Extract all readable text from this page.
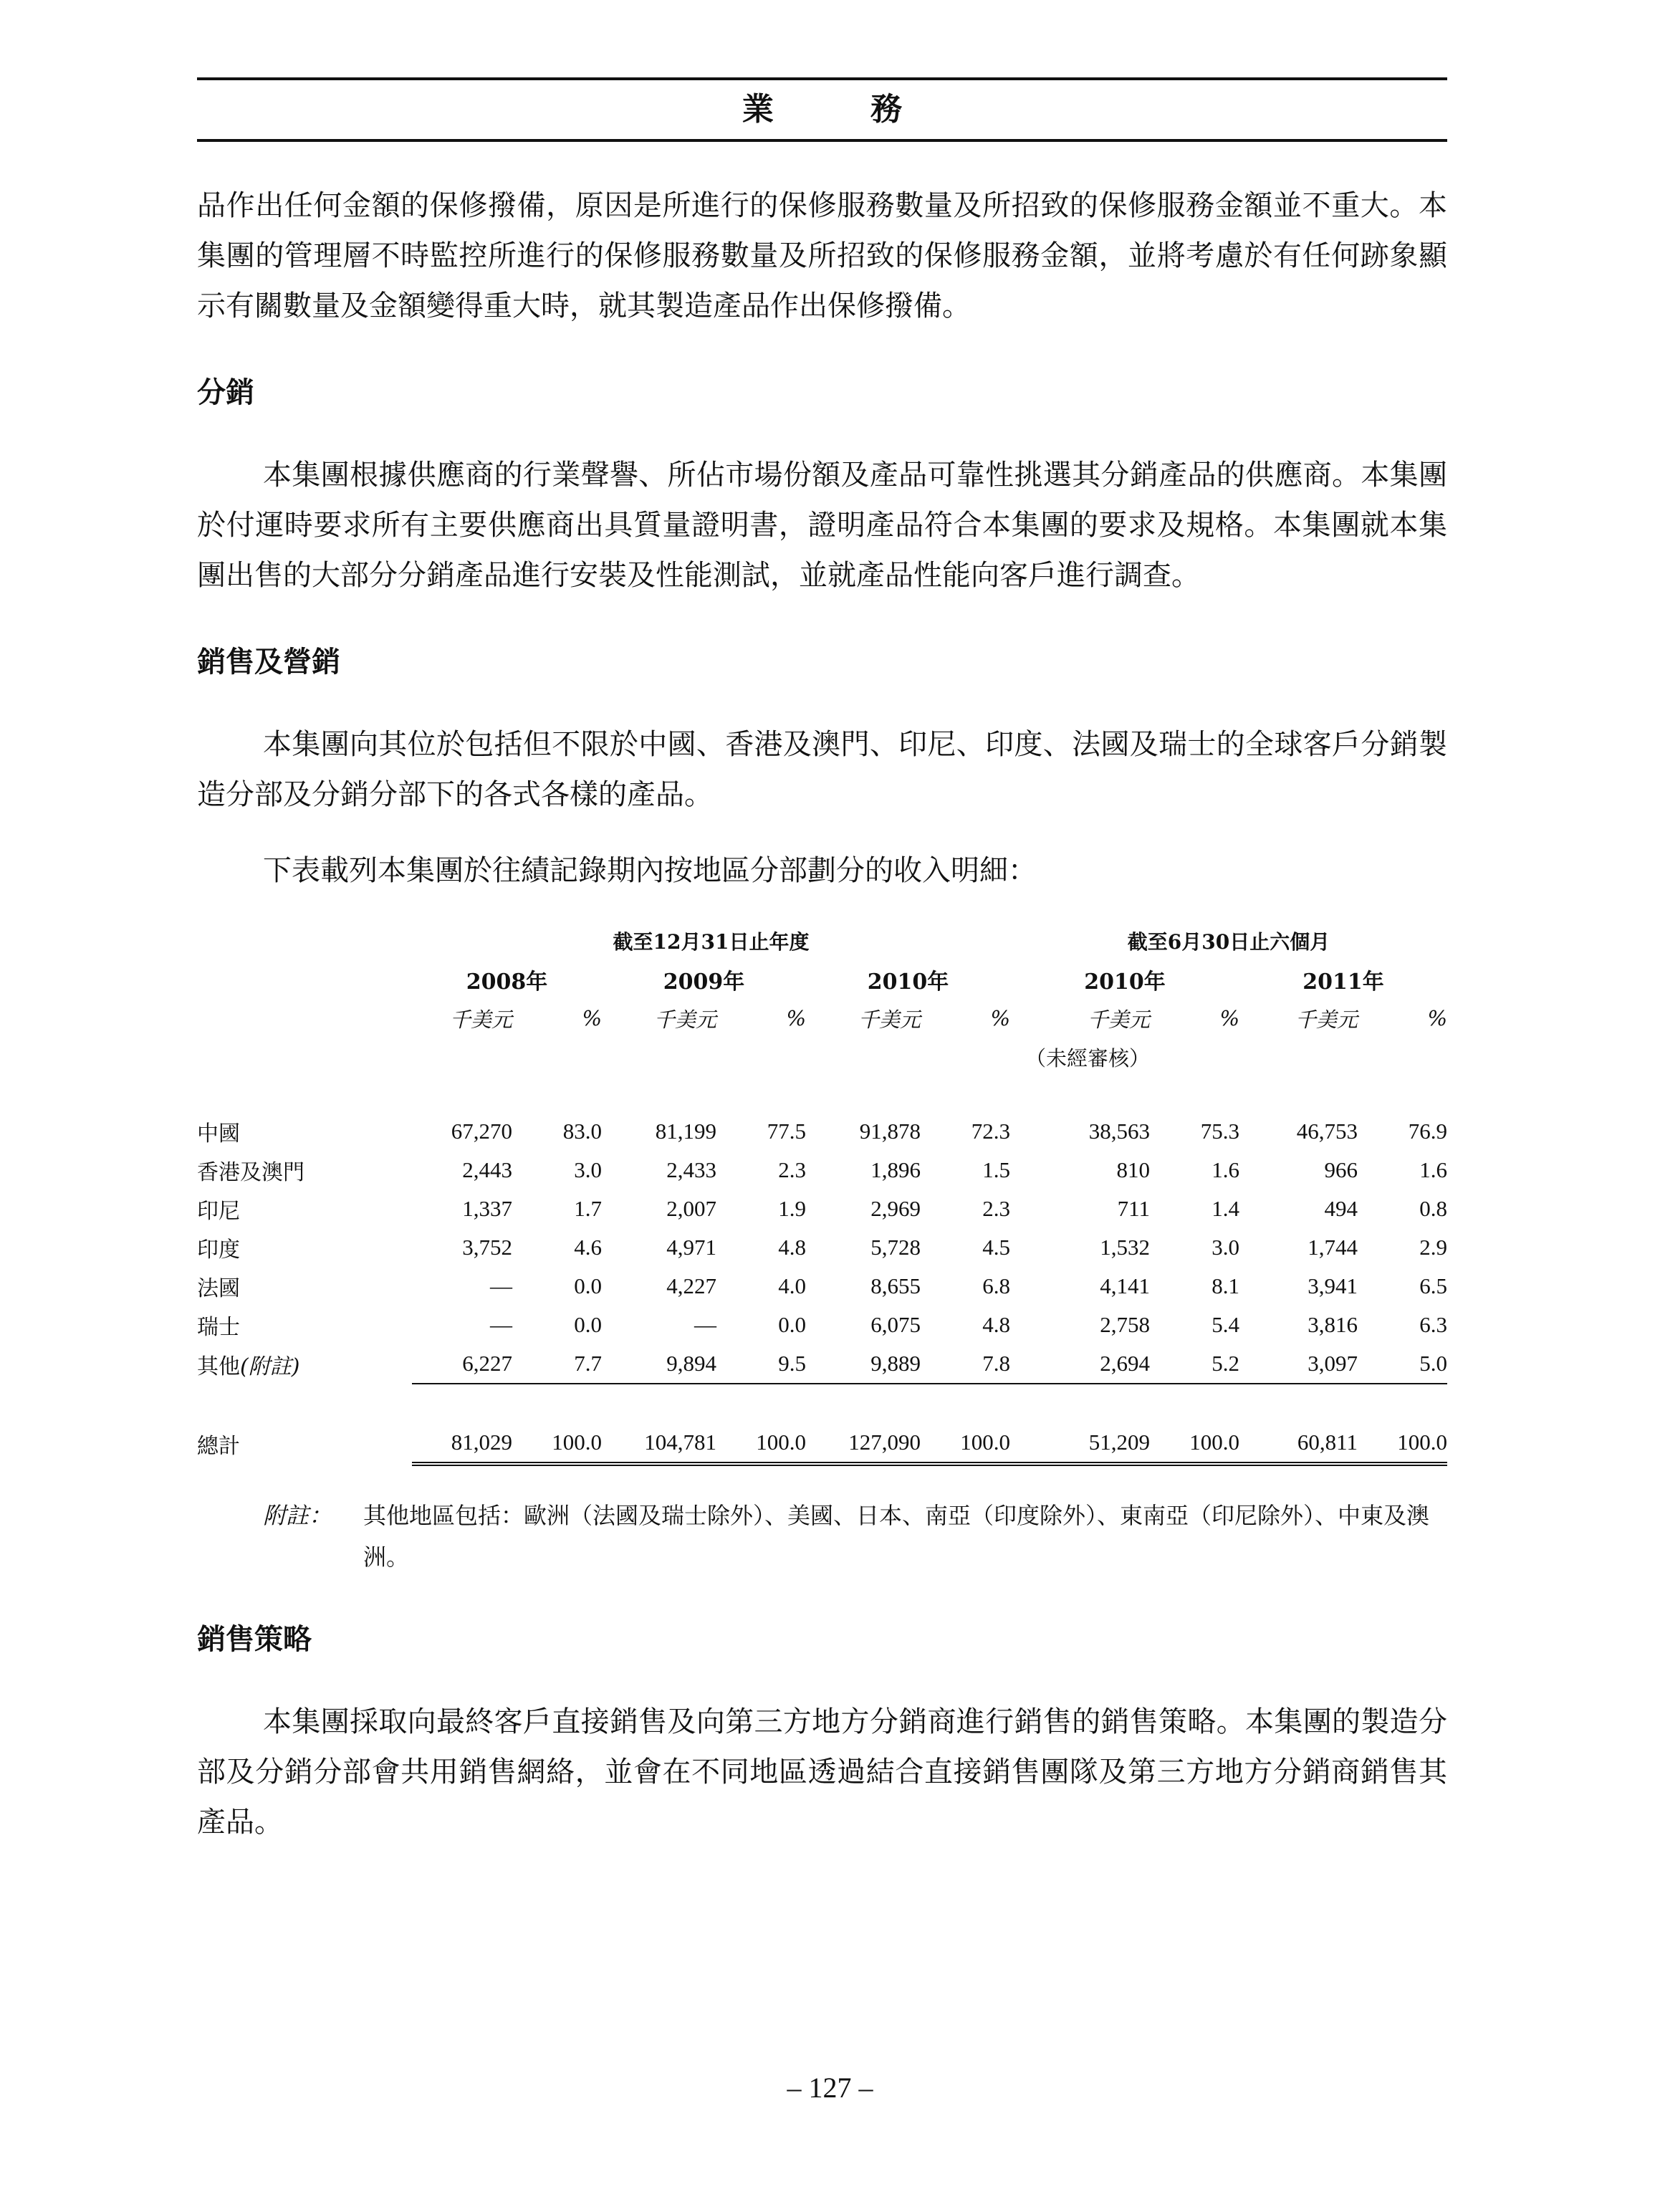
業 務

品作出任何金額的保修撥備，原因是所進行的保修服務數量及所招致的保修服務金額並不重大。本集團的管理層不時監控所進行的保修服務數量及所招致的保修服務金額，並將考慮於有任何跡象顯示有關數量及金額變得重大時，就其製造產品作出保修撥備。

分銷

本集團根據供應商的行業聲譽、所佔市場份額及產品可靠性挑選其分銷產品的供應商。本集團於付運時要求所有主要供應商出具質量證明書，證明產品符合本集團的要求及規格。本集團就本集團出售的大部分分銷產品進行安裝及性能測試，並就產品性能向客戶進行調查。

銷售及營銷

本集團向其位於包括但不限於中國、香港及澳門、印尼、印度、法國及瑞士的全球客戶分銷製造分部及分銷分部下的各式各樣的產品。

下表載列本集團於往績記錄期內按地區分部劃分的收入明細：

	截至12月31日止年度						截至6月30日止六個月			
	2008年		2009年		2010年		2010年		2011年	
	千美元	%	千美元	%	千美元	%	千美元	%	千美元	%
							（未經審核）			

中國	67,270	83.0	81,199	77.5	91,878	72.3	38,563	75.3	46,753	76.9
香港及澳門	2,443	3.0	2,433	2.3	1,896	1.5	810	1.6	966	1.6
印尼	1,337	1.7	2,007	1.9	2,969	2.3	711	1.4	494	0.8
印度	3,752	4.6	4,971	4.8	5,728	4.5	1,532	3.0	1,744	2.9
法國	—	0.0	4,227	4.0	8,655	6.8	4,141	8.1	3,941	6.5
瑞士	—	0.0	—	0.0	6,075	4.8	2,758	5.4	3,816	6.3
其他(附註)	6,227	7.7	9,894	9.5	9,889	7.8	2,694	5.2	3,097	5.0

總計	81,029	100.0	104,781	100.0	127,090	100.0	51,209	100.0	60,811	100.0
附註：	其他地區包括：歐洲（法國及瑞士除外）、美國、日本、南亞（印度除外）、東南亞（印尼除外）、中東及澳洲。
銷售策略

本集團採取向最終客戶直接銷售及向第三方地方分銷商進行銷售的銷售策略。本集團的製造分部及分銷分部會共用銷售網絡，並會在不同地區透過結合直接銷售團隊及第三方地方分銷商銷售其產品。

– 127 –
